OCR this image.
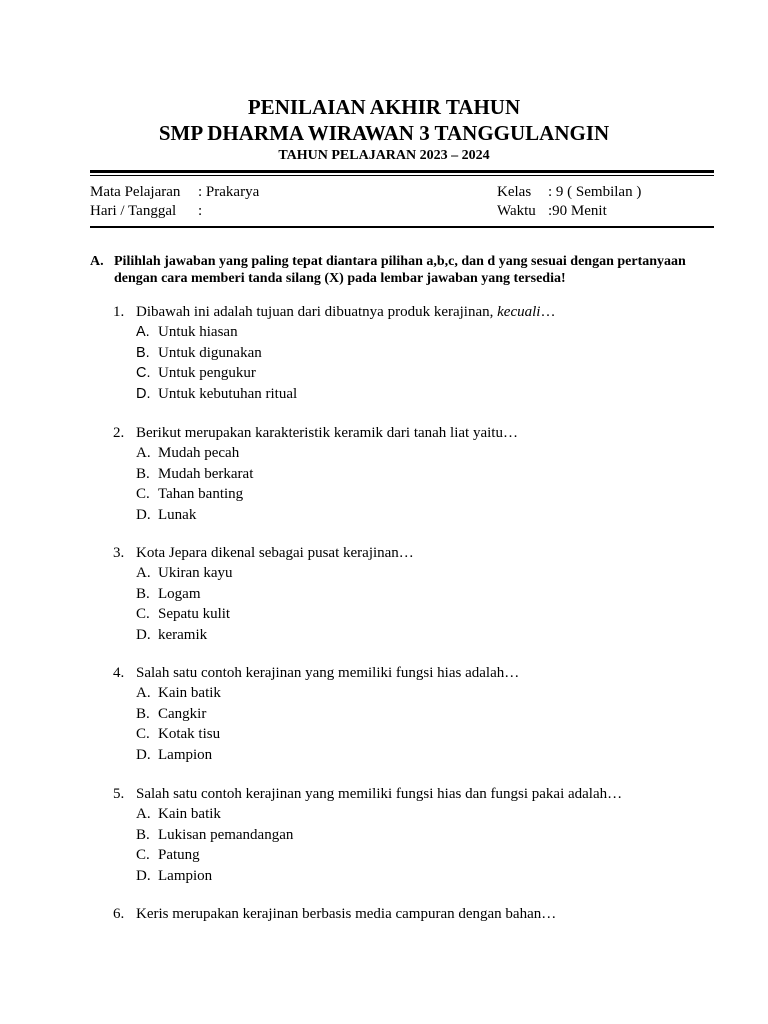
PENILAIAN AKHIR TAHUN
SMP DHARMA WIRAWAN 3 TANGGULANGIN
TAHUN PELAJARAN 2023 – 2024
Mata Pelajaran : Prakarya
Hari / Tanggal :
Kelas : 9 ( Sembilan )
Waktu :90 Menit
A. Pilihlah jawaban yang paling tepat diantara pilihan a,b,c, dan d yang sesuai dengan pertanyaan dengan cara memberi tanda silang (X) pada lembar jawaban yang tersedia!
1. Dibawah ini adalah tujuan dari dibuatnya produk kerajinan, kecuali…
A. Untuk hiasan
B. Untuk digunakan
C. Untuk pengukur
D. Untuk kebutuhan ritual
2. Berikut merupakan karakteristik keramik dari tanah liat yaitu…
A. Mudah pecah
B. Mudah berkarat
C. Tahan banting
D. Lunak
3. Kota Jepara dikenal sebagai pusat kerajinan…
A. Ukiran kayu
B. Logam
C. Sepatu kulit
D. keramik
4. Salah satu contoh kerajinan yang memiliki fungsi hias adalah…
A. Kain batik
B. Cangkir
C. Kotak tisu
D. Lampion
5. Salah satu contoh kerajinan yang memiliki fungsi hias dan fungsi pakai adalah…
A. Kain batik
B. Lukisan pemandangan
C. Patung
D. Lampion
6. Keris merupakan kerajinan berbasis media campuran dengan bahan…
